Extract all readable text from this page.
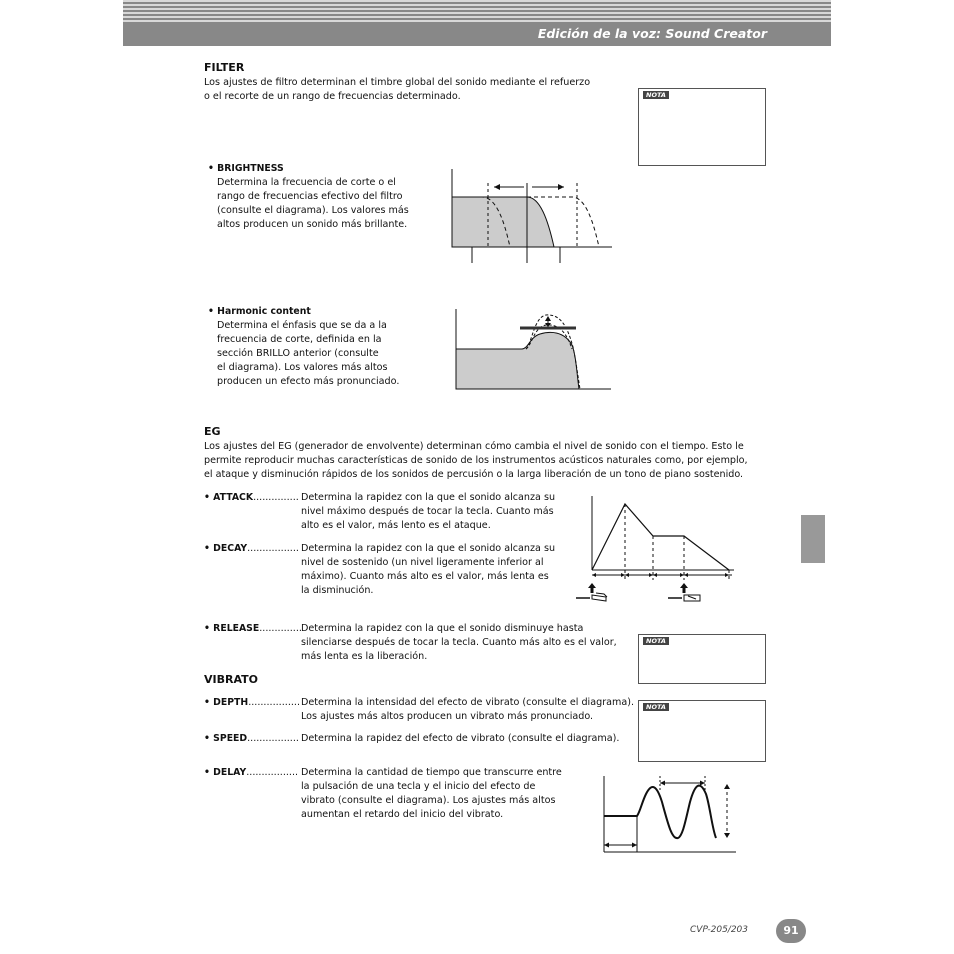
Edición de la voz: Sound Creator
FILTER
Los ajustes de filtro determinan el timbre global del sonido mediante el refuerzo
o el recorte de un rango de frecuencias determinado.	NOTA
• BRIGHTNESS
Determina la frecuencia de corte o el
rango de frecuencias efectivo del filtro
(consulte el diagrama). Los valores más
altos producen un sonido más brillante.
• Harmonic content
Determina el énfasis que se da a la
frecuencia de corte, definida en la
sección BRILLO anterior (consulte
el diagrama). Los valores más altos
producen un efecto más pronunciado.
EG
Los ajustes del EG (generador de envolvente) determinan cómo cambia el nivel de sonido con el tiempo. Esto le
permite reproducir muchas características de sonido de los instrumentos acústicos naturales como, por ejemplo,
el ataque y disminución rápidos de los sonidos de percusión o la larga liberación de un tono de piano sostenido.
• ATTACK............... Determina la rapidez con la que el sonido alcanza su
nivel máximo después de tocar la tecla. Cuanto más
alto es el valor, más lento es el ataque.
• DECAY................. Determina la rapidez con la que el sonido alcanza su
nivel de sostenido (un nivel ligeramente inferior al
máximo). Cuanto más alto es el valor, más lenta es
la disminución.
• RELEASE.............. Determina la rapidez con la que el sonido disminuye hasta
silenciarse después de tocar la tecla. Cuanto más alto es el valor,
más lenta es la liberación.
NOTA
VIBRATO
• DEPTH................. Determina la intensidad del efecto de vibrato (consulte el diagrama).
Los ajustes más altos producen un vibrato más pronunciado.
• SPEED................. Determina la rapidez del efecto de vibrato (consulte el diagrama).
NOTA
• DELAY................. Determina la cantidad de tiempo que transcurre entre
la pulsación de una tecla y el inicio del efecto de
vibrato (consulte el diagrama). Los ajustes más altos
aumentan el retardo del inicio del vibrato.
CVP-205/203	91
